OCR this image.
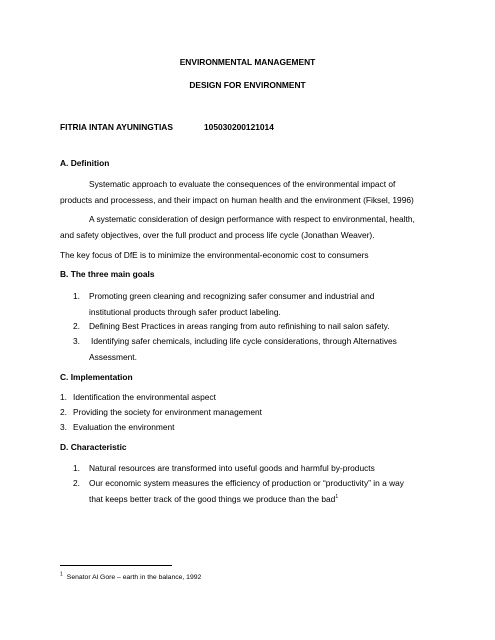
ENVIRONMENTAL MANAGEMENT
DESIGN FOR ENVIRONMENT
FITRIA INTAN AYUNINGTIAS	105030200121014
A. Definition
Systematic approach to evaluate the consequences of the environmental impact of
products and processess, and their impact on human health and the environment (Fiksel, 1996)
A systematic consideration of design performance with respect to environmental, health,
and safety objectives, over the full product and process life cycle (Jonathan Weaver).
The key focus of DfE is to minimize the environmental-economic cost to consumers
B. The three main goals
1. Promoting green cleaning and recognizing safer consumer and industrial and
institutional products through safer product labeling.
2. Defining Best Practices in areas ranging from auto refinishing to nail salon safety.
3. Identifying safer chemicals, including life cycle considerations, through Alternatives
Assessment.
C. Implementation
1. Identification the environmental aspect
2. Providing the society for environment management
3. Evaluation the environment
D. Characteristic
1. Natural resources are transformed into useful goods and harmful by-products
2. Our economic system measures the efficiency of production or “productivity” in a way
that keeps better track of the good things we produce than the bad$^1$
$^1$ Senator Al Gore – earth in the balance, 1992
